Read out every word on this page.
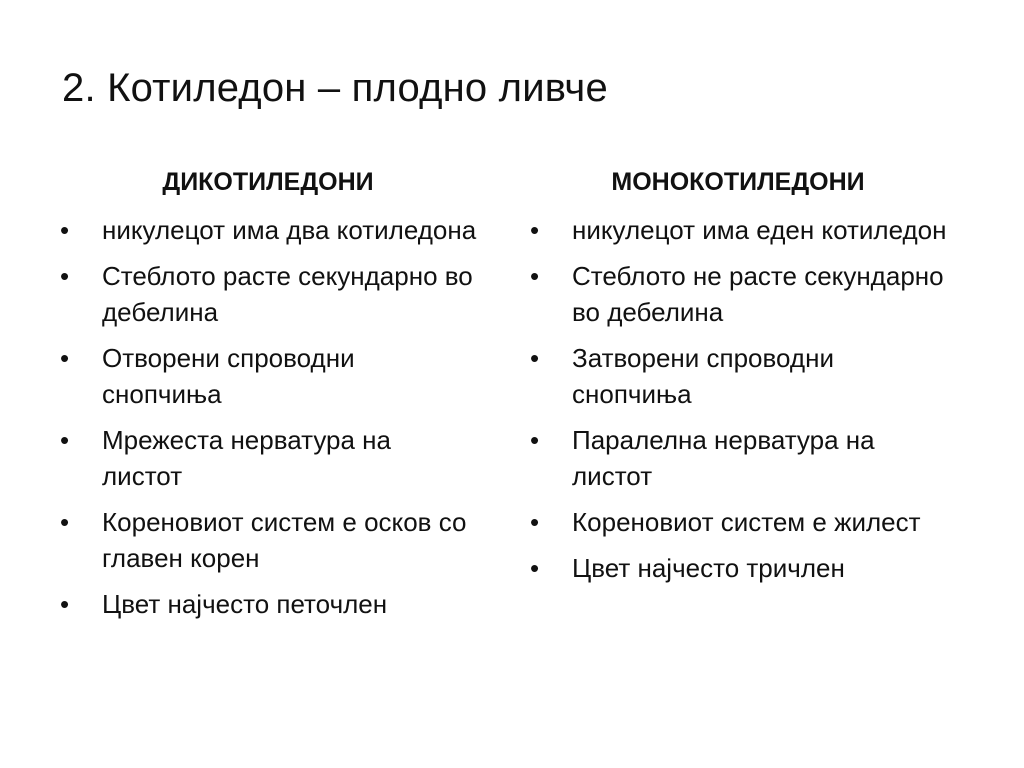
2. Котиледон – плодно ливче
ДИКОТИЛЕДОНИ
•	никулецот има два котиледона
•	Стеблото расте секундарно во дебелина
•	Отворени спроводни снопчиња
•	Мрежеста нерватура на листот
•	Кореновиот систем е осков со главен корен
•	Цвет најчесто петочлен
МОНОКОТИЛЕДОНИ
•	никулецот има еден котиледон
•	Стеблото не расте секундарно во дебелина
•	Затворени спроводни снопчиња
•	Паралелна нерватура на листот
•	Кореновиот систем е жилест
•	Цвет најчесто тричлен
